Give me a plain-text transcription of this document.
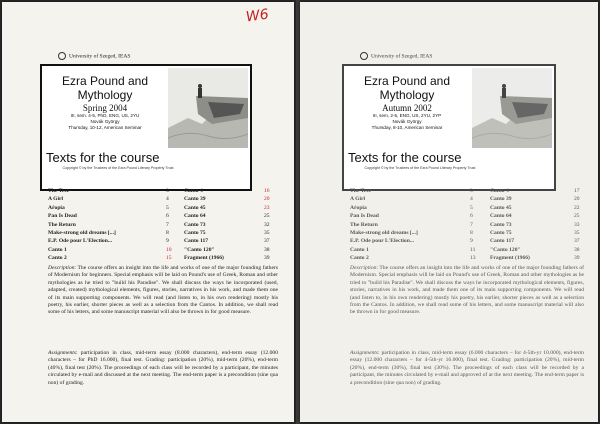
W6
University of Szeged, IEAS
Ezra Pound and
Mythology
Spring 2004
III, sem. 4-5, PhD, ENG, US, 2YU
Novák György
Thursday, 10-12, American Seminar
Texts for the course
Copyright © by the Trustees of the Ezra Pound Literary Property Trust
The Tree	3
A Girl	4
Aŕopia	5
Pan Is Dead	6
The Return	7
Make-strong old dreams [...]	8
E.P. Ode pour L'Election...	9
Canto 1	10
Canto 2	15
Canto 4	16
Canto 39	20
Canto 45	23
Canto 64	25
Canto 73	32
Canto 75	35
Canto 117	37
"Canto 120"	38
Fragment (1966)	39
Description: The course offers an insight into the life and works of one of the major founding fathers of Modernism for beginners. Special emphasis will be laid on Pound's use of Greek, Roman and other mythologies as he tried to "build his Paradise". We shall discuss the ways he incorporated (used, adapted, created) mythological elements, figures, stories, narratives in his work, and made them one of its main supporting components. We will read (and listen to, in his own rendering) mostly his poetry, his earlier, shorter pieces as well as a selection from the Cantos. In addition, we shall read some of his letters, and some manuscript material will also be thrown in for good measure.
Assignments: participation in class, mid-term essay (8.000 characters), end-term essay (12.000 characters – for PhD 16.000), final test. Grading: participation (20%), mid-term (20%), end-term (40%), final test (20%). The proceedings of each class will be recorded by a participant, the minutes circulated by e-mail and discussed at the next meeting. The end-term paper is a precondition (sine qua non) of grading.
University of Szeged, IEAS
Ezra Pound and
Mythology
Autumn 2002
III, sem, 2-5, ENG, US, 2YU, 2YP
Novák György
Thursday, 8-10, American Seminar
Texts for the course
Copyright © by the Trustees of the Ezra Pound Literary Property Trust
The Tree	3
A Girl	4
Aŕopia	5
Pan Is Dead	6
The Return	7
Make-strong old dreams [...]	8
E.P. Ode pour L'Election...	9
Canto 1	11
Canto 2	13
Canto 4	17
Canto 39	20
Canto 45	22
Canto 64	25
Canto 73	33
Canto 75	35
Canto 117	37
"Canto 120"	38
Fragment (1966)	39
Description: The course offers an insight into the life and works of one of the major founding fathers of Modernism. Special emphasis will be laid on Pound's use of Greek, Roman and other mythologies as he tried to "build his Paradise". We shall discuss the ways he incorporated mythological elements, figures, stories, narratives in his work, and made them one of its main supporting components. We will read (and listen to, in his own rendering) mostly his poetry, his earlier, shorter pieces as well as a selection from the Cantos. In addition, we shall read some of his letters, and some manuscript material will also be thrown in for good measure.
Assignments: participation in class, mid-term essay (6.000 characters – for 4-5th-yr 10.000), end-term essay (12.000 characters – for 4-5th-yr 16.000), final test. Grading: participation (20%), mid-term (20%), end-term (30%), final test (30%). The proceedings of each class will be recorded by a participant, the minutes circulated by e-mail and approved of at the next meeting. The end-term paper is a precondition (sine qua non) of grading.
